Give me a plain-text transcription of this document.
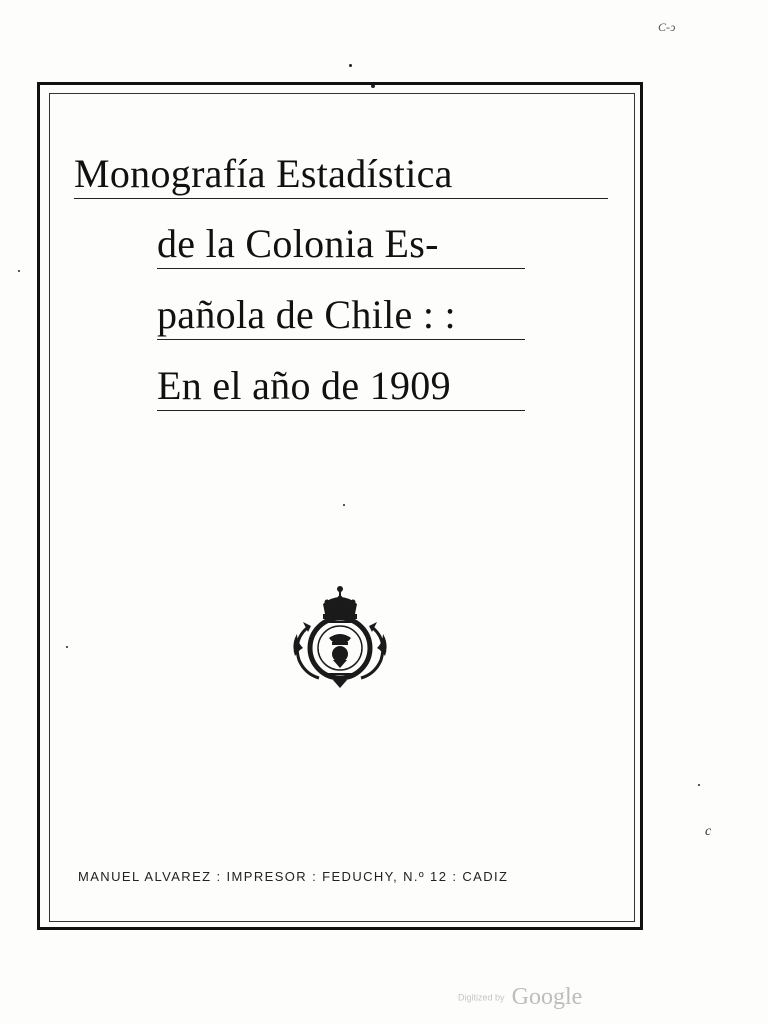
C-ↄ
c
Monografía Estadística
de la Colonia Es-
pañola de Chile : :
En el año de 1909
MANUEL ALVAREZ : IMPRESOR : FEDUCHY, N.º 12 : CADIZ
Digitized by Google
